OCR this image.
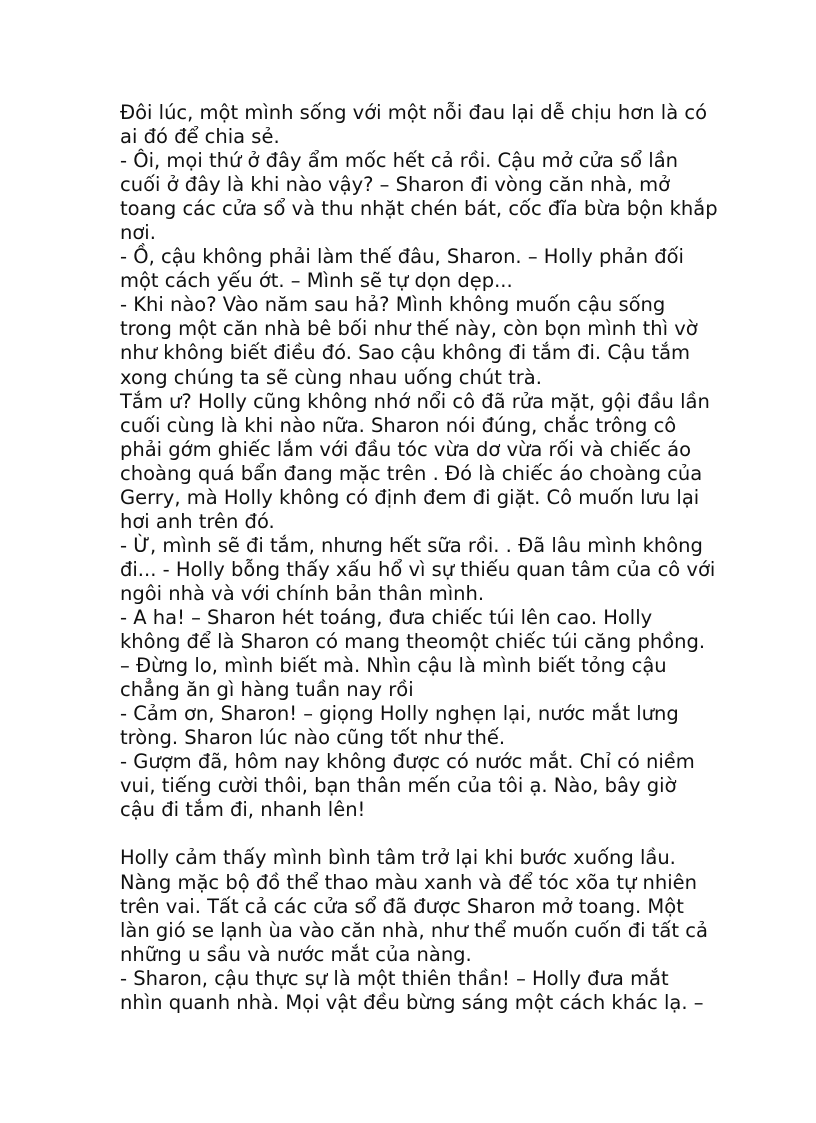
Đôi lúc, một mình sống với một nỗi đau lại dễ chịu hơn là có
ai đó để chia sẻ.
- Ôi, mọi thứ ở đây ẩm mốc hết cả rồi. Cậu mở cửa sổ lần
cuối ở đây là khi nào vậy? – Sharon đi vòng căn nhà, mở
toang các cửa sổ và thu nhặt chén bát, cốc đĩa bừa bộn khắp
nơi.
- Ồ, cậu không phải làm thế đâu, Sharon. – Holly phản đối
một cách yếu ớt. – Mình sẽ tự dọn dẹp...
- Khi nào? Vào năm sau hả? Mình không muốn cậu sống
trong một căn nhà bê bối như thế này, còn bọn mình thì vờ
như không biết điều đó. Sao cậu không đi tắm đi. Cậu tắm
xong chúng ta sẽ cùng nhau uống chút trà.
Tắm ư? Holly cũng không nhớ nổi cô đã rửa mặt, gội đầu lần
cuối cùng là khi nào nữa. Sharon nói đúng, chắc trông cô
phải gớm ghiếc lắm với đầu tóc vừa dơ vừa rối và chiếc áo
choàng quá bẩn đang mặc trên . Đó là chiếc áo choàng của
Gerry, mà Holly không có định đem đi giặt. Cô muốn lưu lại
hơi anh trên đó.
- Ừ, mình sẽ đi tắm, nhưng hết sữa rồi. . Đã lâu mình không
đi... - Holly bỗng thấy xấu hổ vì sự thiếu quan tâm của cô với
ngôi nhà và với chính bản thân mình.
- A ha! – Sharon hét toáng, đưa chiếc túi lên cao. Holly
không để là Sharon có mang theomột chiếc túi căng phồng.
– Đừng lo, mình biết mà. Nhìn cậu là mình biết tỏng cậu
chẳng ăn gì hàng tuần nay rồi
- Cảm ơn, Sharon! – giọng Holly nghẹn lại, nước mắt lưng
tròng. Sharon lúc nào cũng tốt như thế.
- Gượm đã, hôm nay không được có nước mắt. Chỉ có niềm
vui, tiếng cười thôi, bạn thân mến của tôi ạ. Nào, bây giờ
cậu đi tắm đi, nhanh lên!
Holly cảm thấy mình bình tâm trở lại khi bước xuống lầu.
Nàng mặc bộ đồ thể thao màu xanh và để tóc xõa tự nhiên
trên vai. Tất cả các cửa sổ đã được Sharon mở toang. Một
làn gió se lạnh ùa vào căn nhà, như thể muốn cuốn đi tất cả
những u sầu và nước mắt của nàng.
- Sharon, cậu thực sự là một thiên thần! – Holly đưa mắt
nhìn quanh nhà. Mọi vật đều bừng sáng một cách khác lạ. –
